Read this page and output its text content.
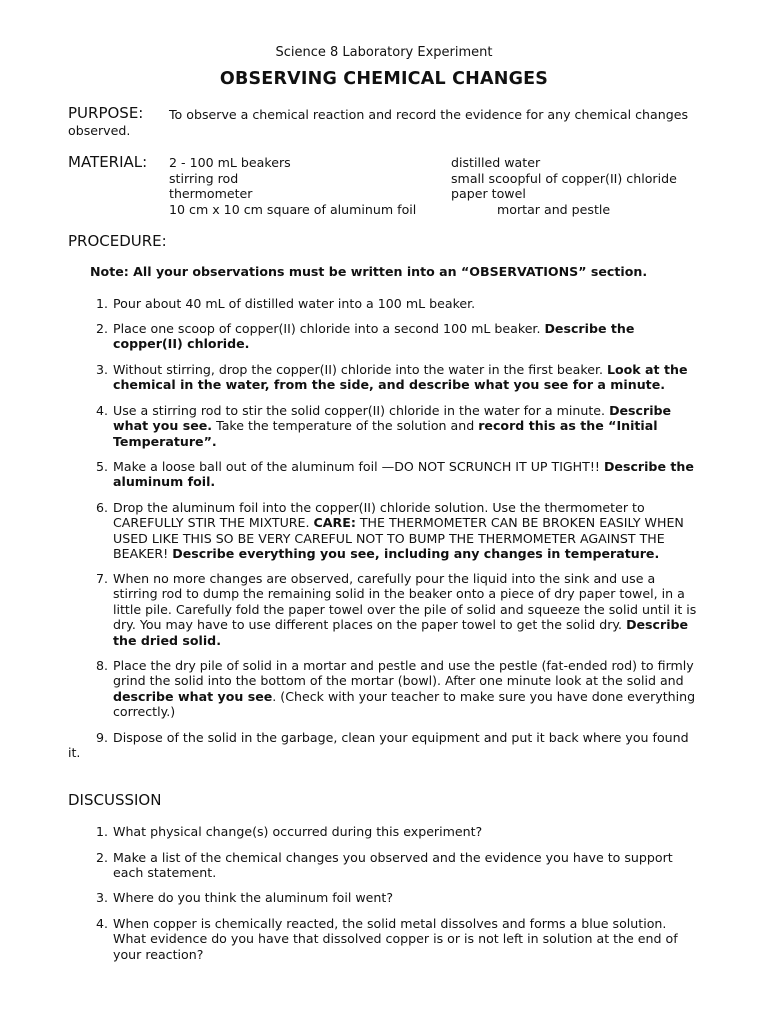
Science 8 Laboratory Experiment
OBSERVING CHEMICAL CHANGES
PURPOSE: To observe a chemical reaction and record the evidence for any chemical changes
observed.
MATERIAL: 2 - 100 mL beakers
stirring rod
thermometer
10 cm x 10 cm square of aluminum foil
distilled water
small scoopful of copper(II) chloride
paper towel
mortar and pestle
PROCEDURE:
Note: All your observations must be written into an “OBSERVATIONS” section.
1. Pour about 40 mL of distilled water into a 100 mL beaker.
2. Place one scoop of copper(II) chloride into a second 100 mL beaker. Describe the copper(II) chloride.
3. Without stirring, drop the copper(II) chloride into the water in the first beaker. Look at the chemical in the water, from the side, and describe what you see for a minute.
4. Use a stirring rod to stir the solid copper(II) chloride in the water for a minute. Describe what you see. Take the temperature of the solution and record this as the “Initial Temperature”.
5. Make a loose ball out of the aluminum foil —DO NOT SCRUNCH IT UP TIGHT!! Describe the aluminum foil.
6. Drop the aluminum foil into the copper(II) chloride solution. Use the thermometer to CAREFULLY STIR THE MIXTURE. CARE: THE THERMOMETER CAN BE BROKEN EASILY WHEN USED LIKE THIS SO BE VERY CAREFUL NOT TO BUMP THE THERMOMETER AGAINST THE BEAKER! Describe everything you see, including any changes in temperature.
7. When no more changes are observed, carefully pour the liquid into the sink and use a stirring rod to dump the remaining solid in the beaker onto a piece of dry paper towel, in a little pile. Carefully fold the paper towel over the pile of solid and squeeze the solid until it is dry. You may have to use different places on the paper towel to get the solid dry. Describe the dried solid.
8. Place the dry pile of solid in a mortar and pestle and use the pestle (fat-ended rod) to firmly grind the solid into the bottom of the mortar (bowl). After one minute look at the solid and describe what you see. (Check with your teacher to make sure you have done everything correctly.)
9. Dispose of the solid in the garbage, clean your equipment and put it back where you found
it.
DISCUSSION
1. What physical change(s) occurred during this experiment?
2. Make a list of the chemical changes you observed and the evidence you have to support each statement.
3. Where do you think the aluminum foil went?
4. When copper is chemically reacted, the solid metal dissolves and forms a blue solution. What evidence do you have that dissolved copper is or is not left in solution at the end of your reaction?
